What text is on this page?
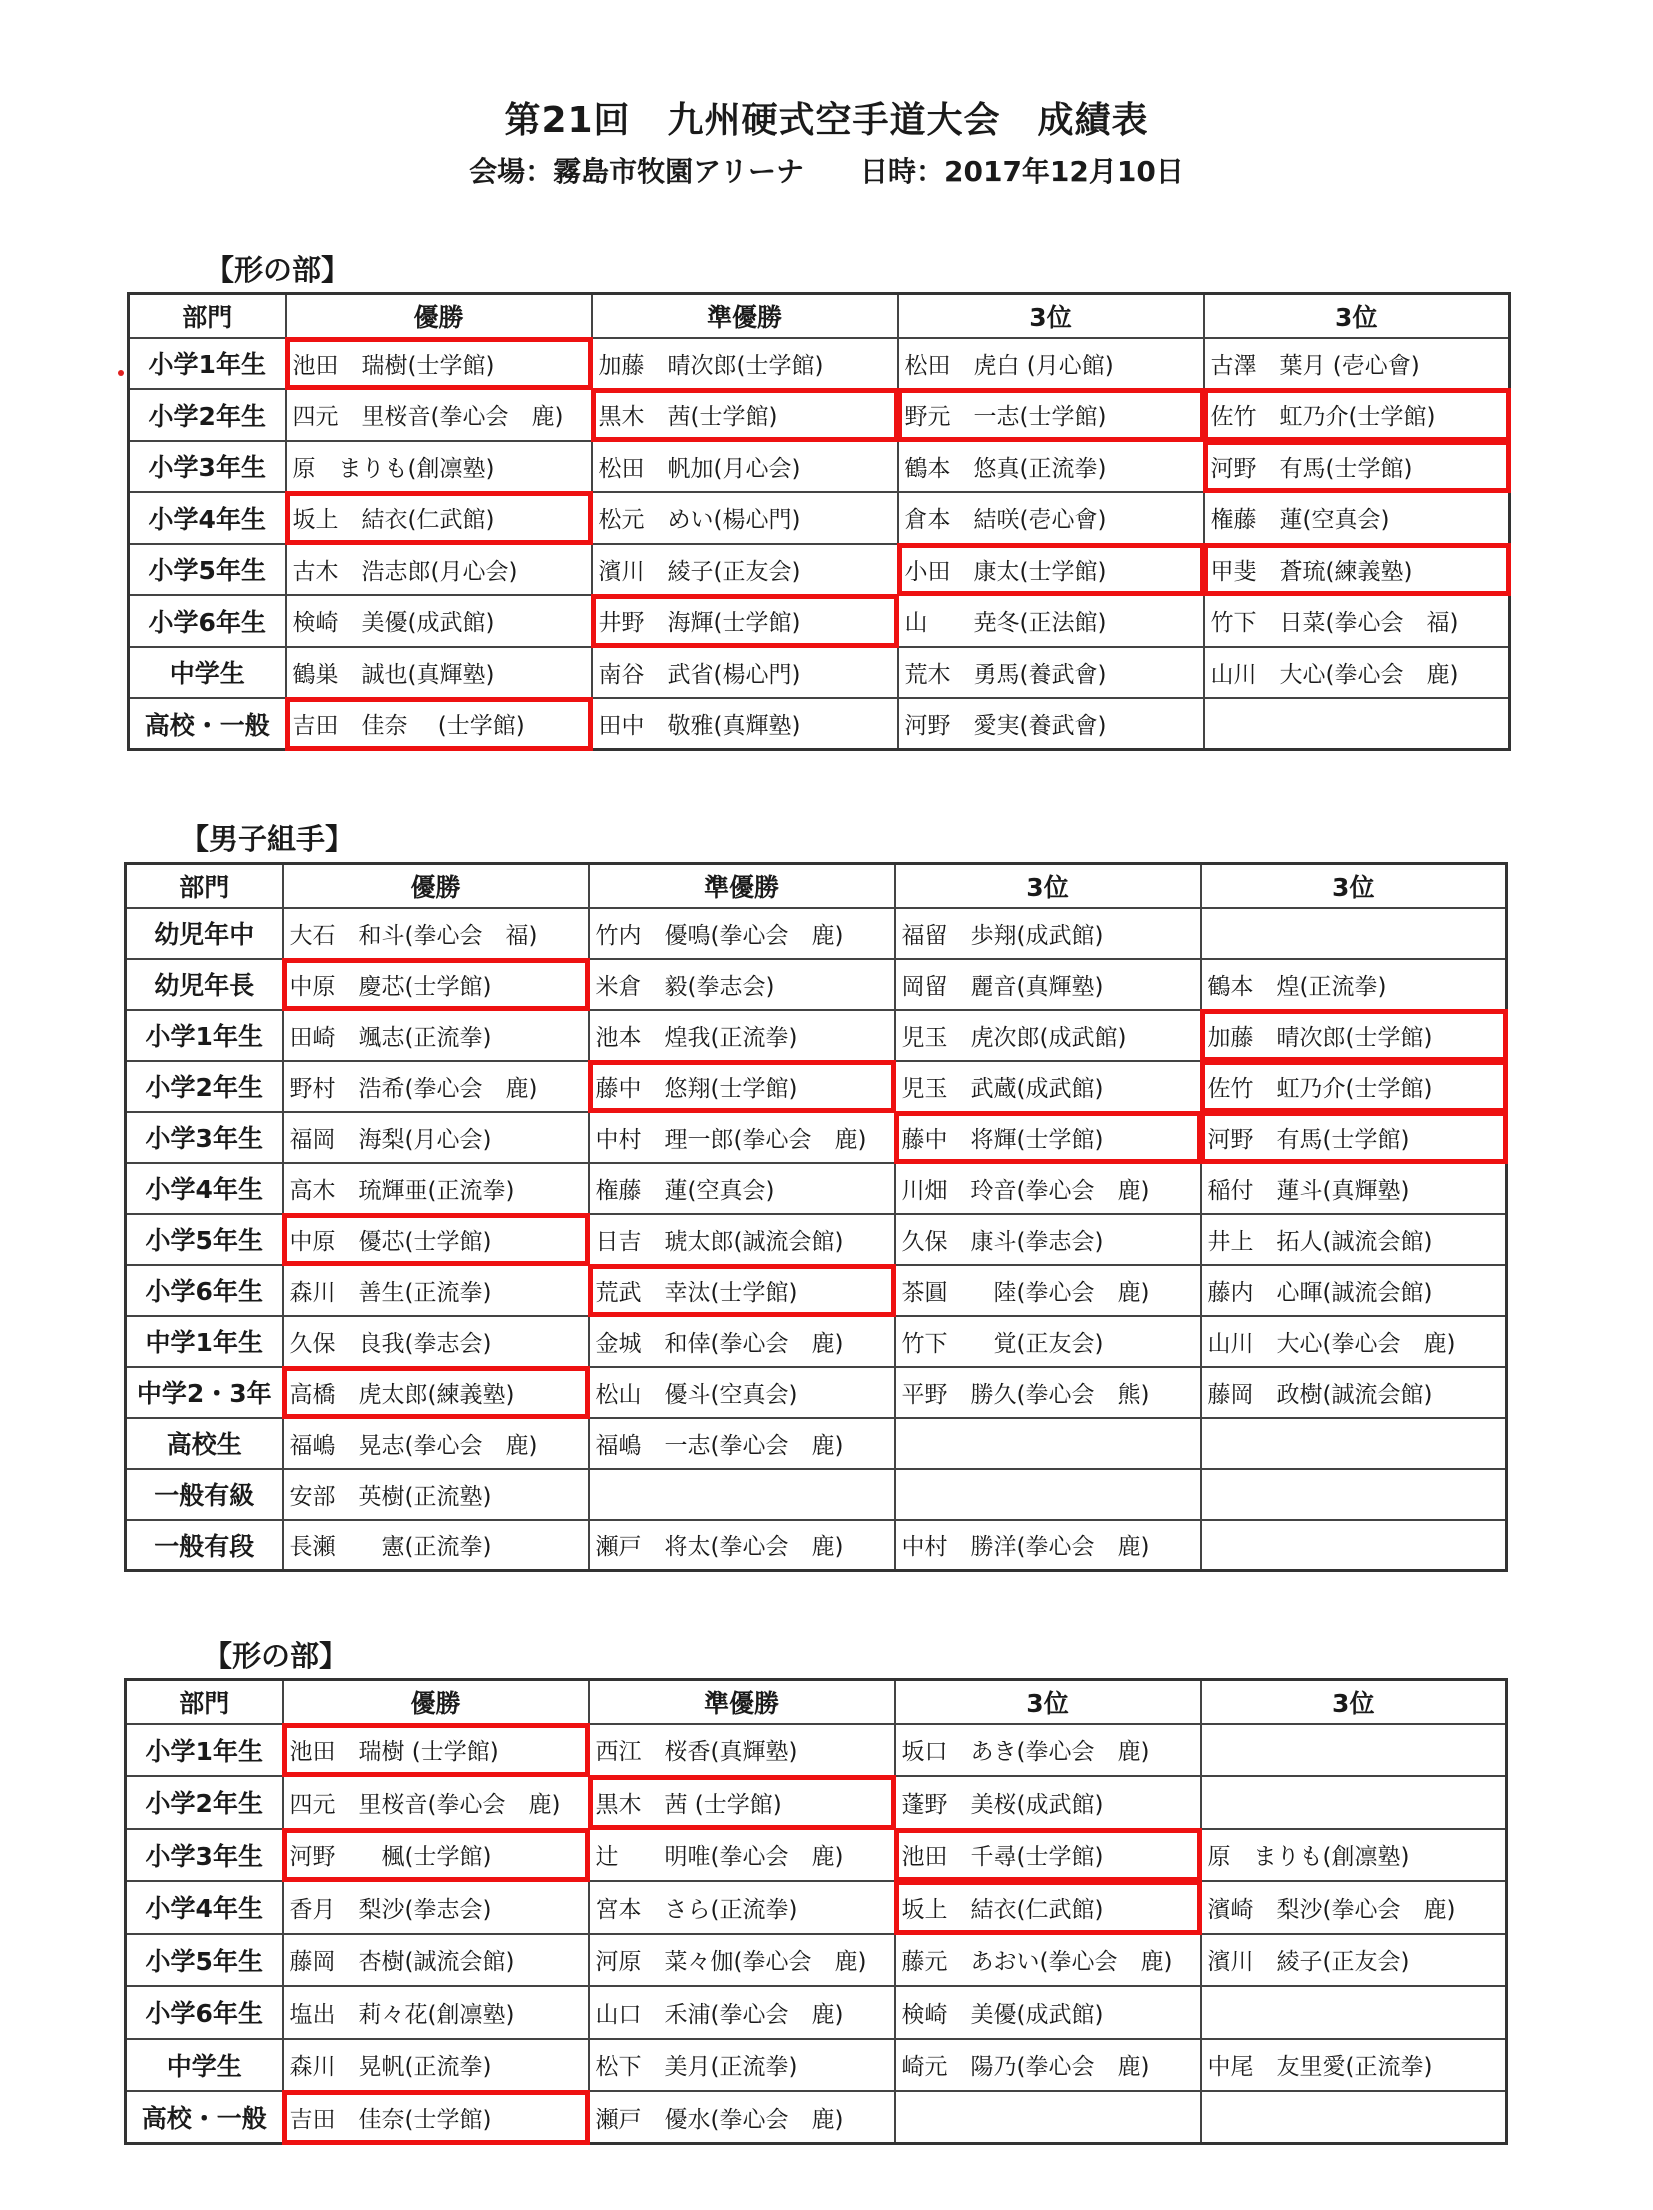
第21回　九州硬式空手道大会　成績表
会場：霧島市牧園アリーナ　　日時：2017年12月10日
【形の部】
部門	優勝	準優勝	3位	3位
小学1年生	池田　瑞樹(士学館)	加藤　晴次郎(士学館)	松田　虎白 (月心館)	古澤　葉月 (壱心會)
小学2年生	四元　里桜音(拳心会　鹿)	黒木　茜(士学館)	野元　一志(士学館)	佐竹　虹乃介(士学館)
小学3年生	原　まりも(創凛塾)	松田　帆加(月心会)	鶴本　悠真(正流拳)	河野　有馬(士学館)
小学4年生	坂上　結衣(仁武館)	松元　めい(楊心門)	倉本　結咲(壱心會)	権藤　蓮(空真会)
小学5年生	古木　浩志郎(月心会)	濱川　綾子(正友会)	小田　康太(士学館)	甲斐　蒼琉(練義塾)
小学6年生	検崎　美優(成武館)	井野　海輝(士学館)	山　　尭冬(正法館)	竹下　日菜(拳心会　福)
中学生	鶴巣　誠也(真輝塾)	南谷　武省(楊心門)	荒木　勇馬(養武會)	山川　大心(拳心会　鹿)
高校・一般	吉田　佳奈　 (士学館)	田中　敬雅(真輝塾)	河野　愛実(養武會)	
【男子組手】
部門	優勝	準優勝	3位	3位
幼児年中	大石　和斗(拳心会　福)	竹内　優鳴(拳心会　鹿)	福留　歩翔(成武館)	
幼児年長	中原　慶芯(士学館)	米倉　毅(拳志会)	岡留　麗音(真輝塾)	鶴本　煌(正流拳)
小学1年生	田崎　颯志(正流拳)	池本　煌我(正流拳)	児玉　虎次郎(成武館)	加藤　晴次郎(士学館)
小学2年生	野村　浩希(拳心会　鹿)	藤中　悠翔(士学館)	児玉　武蔵(成武館)	佐竹　虹乃介(士学館)
小学3年生	福岡　海梨(月心会)	中村　理一郎(拳心会　鹿)	藤中　将輝(士学館)	河野　有馬(士学館)
小学4年生	高木　琉輝亜(正流拳)	権藤　蓮(空真会)	川畑　玲音(拳心会　鹿)	稲付　蓮斗(真輝塾)
小学5年生	中原　優芯(士学館)	日吉　琥太郎(誠流会館)	久保　康斗(拳志会)	井上　拓人(誠流会館)
小学6年生	森川　善生(正流拳)	荒武　幸汰(士学館)	茶圓　　陸(拳心会　鹿)	藤内　心暉(誠流会館)
中学1年生	久保　良我(拳志会)	金城　和倖(拳心会　鹿)	竹下　　覚(正友会)	山川　大心(拳心会　鹿)
中学2・3年	高橋　虎太郎(練義塾)	松山　優斗(空真会)	平野　勝久(拳心会　熊)	藤岡　政樹(誠流会館)
高校生	福嶋　晃志(拳心会　鹿)	福嶋　一志(拳心会　鹿)		
一般有級	安部　英樹(正流塾)			
一般有段	長瀬　　憲(正流拳)	瀬戸　将太(拳心会　鹿)	中村　勝洋(拳心会　鹿)	
【形の部】
部門	優勝	準優勝	3位	3位
小学1年生	池田　瑞樹 (士学館)	西江　桜香(真輝塾)	坂口　あき(拳心会　鹿)	
小学2年生	四元　里桜音(拳心会　鹿)	黒木　茜 (士学館)	蓬野　美桜(成武館)	
小学3年生	河野　　楓(士学館)	辻　　明唯(拳心会　鹿)	池田　千尋(士学館)	原　まりも(創凛塾)
小学4年生	香月　梨沙(拳志会)	宮本　さら(正流拳)	坂上　結衣(仁武館)	濱崎　梨沙(拳心会　鹿)
小学5年生	藤岡　杏樹(誠流会館)	河原　菜々伽(拳心会　鹿)	藤元　あおい(拳心会　鹿)	濱川　綾子(正友会)
小学6年生	塩出　莉々花(創凛塾)	山口　禾浦(拳心会　鹿)	検崎　美優(成武館)	
中学生	森川　晃帆(正流拳)	松下　美月(正流拳)	崎元　陽乃(拳心会　鹿)	中尾　友里愛(正流拳)
高校・一般	吉田　佳奈(士学館)	瀬戸　優水(拳心会　鹿)		
